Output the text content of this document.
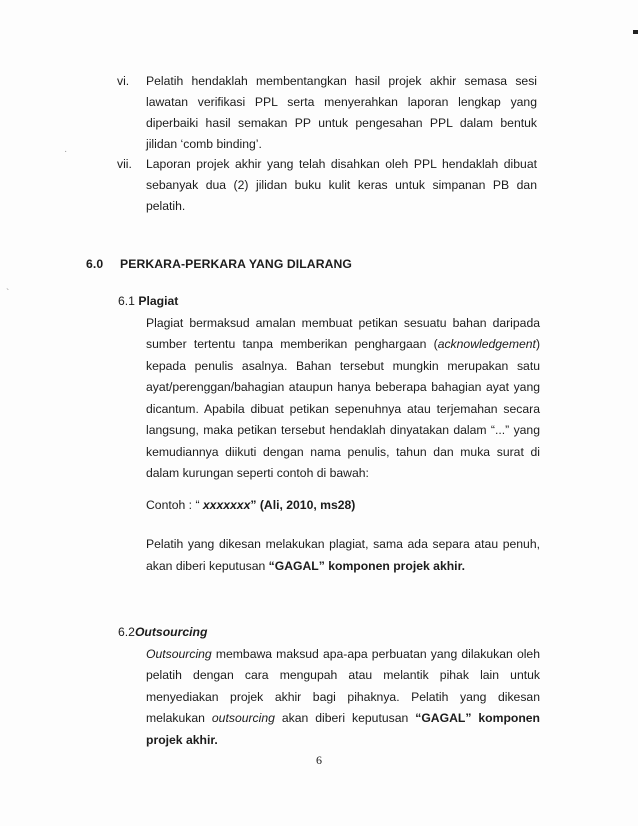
·
`
vi. Pelatih hendaklah membentangkan hasil projek akhir semasa sesi lawatan verifikasi PPL serta menyerahkan laporan lengkap yang diperbaiki hasil semakan PP untuk pengesahan PPL dalam bentuk jilidan ‘comb binding’.
vii. Laporan projek akhir yang telah disahkan oleh PPL hendaklah dibuat sebanyak dua (2) jilidan buku kulit keras untuk simpanan PB dan pelatih.
6.0 PERKARA-PERKARA YANG DILARANG
6.1 Plagiat
Plagiat bermaksud amalan membuat petikan sesuatu bahan daripada sumber tertentu tanpa memberikan penghargaan (acknowledgement) kepada penulis asalnya. Bahan tersebut mungkin merupakan satu ayat/perenggan/bahagian ataupun hanya beberapa bahagian ayat yang dicantum. Apabila dibuat petikan sepenuhnya atau terjemahan secara langsung, maka petikan tersebut hendaklah dinyatakan dalam “...” yang kemudiannya diikuti dengan nama penulis, tahun dan muka surat di dalam kurungan seperti contoh di bawah:
Contoh : “ xxxxxxx” (Ali, 2010, ms28)
Pelatih yang dikesan melakukan plagiat, sama ada separa atau penuh, akan diberi keputusan “GAGAL” komponen projek akhir.
6.2Outsourcing
Outsourcing membawa maksud apa-apa perbuatan yang dilakukan oleh pelatih dengan cara mengupah atau melantik pihak lain untuk menyediakan projek akhir bagi pihaknya. Pelatih yang dikesan melakukan outsourcing akan diberi keputusan “GAGAL” komponen projek akhir.
6
